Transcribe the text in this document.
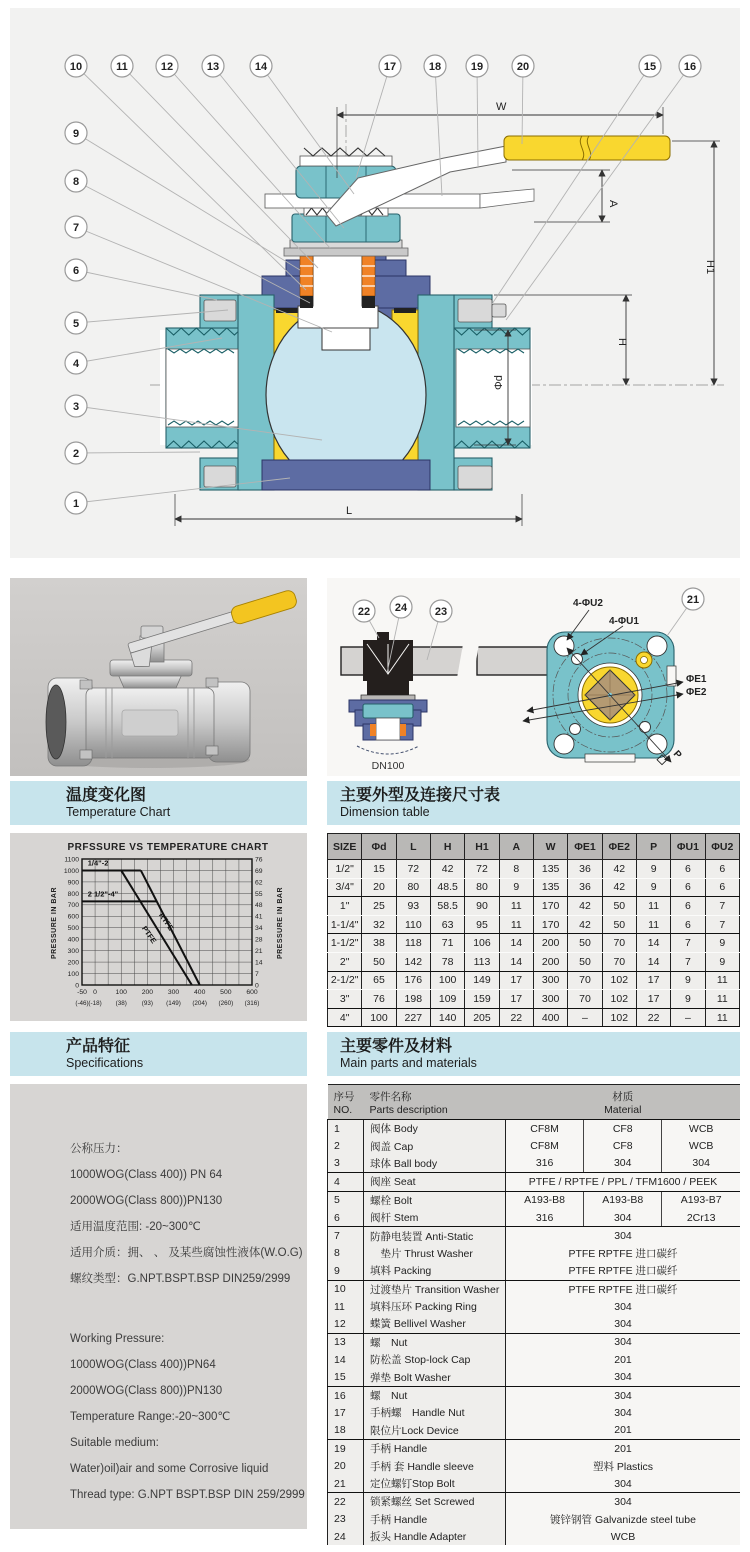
W
A
H1
H
Φd
L
1
2
3
4
5
6
7
8
9
10	11	12	13	14	17	18	19	20	15	16
DN100
4-ΦU2
4-ΦU1
ΦE1
ΦE2
P
22 24	23
21
温度变化图
Temperature Chart
主要外型及连接尺寸表
Dimension table
PRFSSURE VS TEMPERATURE CHART
PRESSURE IN BAR	PRESSURE IN BAR
0
100
200
300
400
500
600
700
800
900
1000
1100
0
7
14
21
28
34
41
48
55
62
69
76
-50
(-46)
0
(-18)
100
(38)
200
(93)
300
(149)
400
(204)
500
(260)
600
(316)
1/4"-2
2 1/2"-4"
PTFE
RTFE
SIZE	Φd	L	H	H1	A	W	ΦE1	ΦE2	P	ΦU1	ΦU2
1/2"	15	72	42	72	8	135	36	42	9	6	6
3/4"	20	80	48.5	80	9	135	36	42	9	6	6
1"	25	93	58.5	90	11	170	42	50	11	6	7
1-1/4"	32	110	63	95	11	170	42	50	11	6	7
1-1/2"	38	118	71	106	14	200	50	70	14	7	9
2"	50	142	78	113	14	200	50	70	14	7	9
2-1/2"	65	176	100	149	17	300	70	102	17	9	11
3"	76	198	109	159	17	300	70	102	17	9	11
4"	100	227	140	205	22	400	–	102	22	–	11
产品特征
Specifications
主要零件及材料
Main parts and materials
公称压力：
1000WOG(Class 400)) PN 64
2000WOG(Class 800))PN130
适用温度范围: -20~300℃
适用介质：拥、 、 及某些腐蚀性液体(W.O.G)
螺纹类型：G.NPT.BSPT.BSP DIN259/2999
Working Pressure:
1000WOG(Class 400))PN64
2000WOG(Class 800))PN130
Temperature Range:-20~300℃
Suitable medium:
Water)oil)air and some Corrosive liquid
Thread type: G.NPT BSPT.BSP DIN 259/2999
序号
NO.

零件名称
Parts description

材质
Material

1	阀体 Body	CF8M	CF8	WCB
2	阀盖 Cap	CF8M	CF8	WCB
3	球体 Ball body	316	304	304
4	阀座 Seat	PTFE / RPTFE / PPL / TFM1600 / PEEK		
5	螺栓 Bolt	A193-B8	A193-B8	A193-B7
6	阀杆 Stem	316	304	2Cr13
7	防静电装置 Anti-Static	304		
8	　垫片 Thrust Washer	PTFE RPTFE 进口碳纤		
9	填料 Packing	PTFE RPTFE 进口碳纤		
10	过渡垫片 Transition Washer	PTFE RPTFE 进口碳纤		
11	填料压环 Packing Ring	304		
12	蝶簧 Bellivel Washer	304		
13	螺　Nut	304		
14	防松盖 Stop-lock Cap	201		
15	弹垫 Bolt Washer	304		
16	螺　Nut	304		
17	手柄螺　Handle Nut	304		
18	限位片Lock Device	201		
19	手柄 Handle	201		
20	手柄 套 Handle sleeve	塑料 Plastics		
21	定位螺钉Stop Bolt	304		
22	锁紧螺丝 Set Screwed	304		
23	手柄 Handle	镀锌钢管 Galvanizde steel tube		
24	扳头 Handle Adapter	WCB		
